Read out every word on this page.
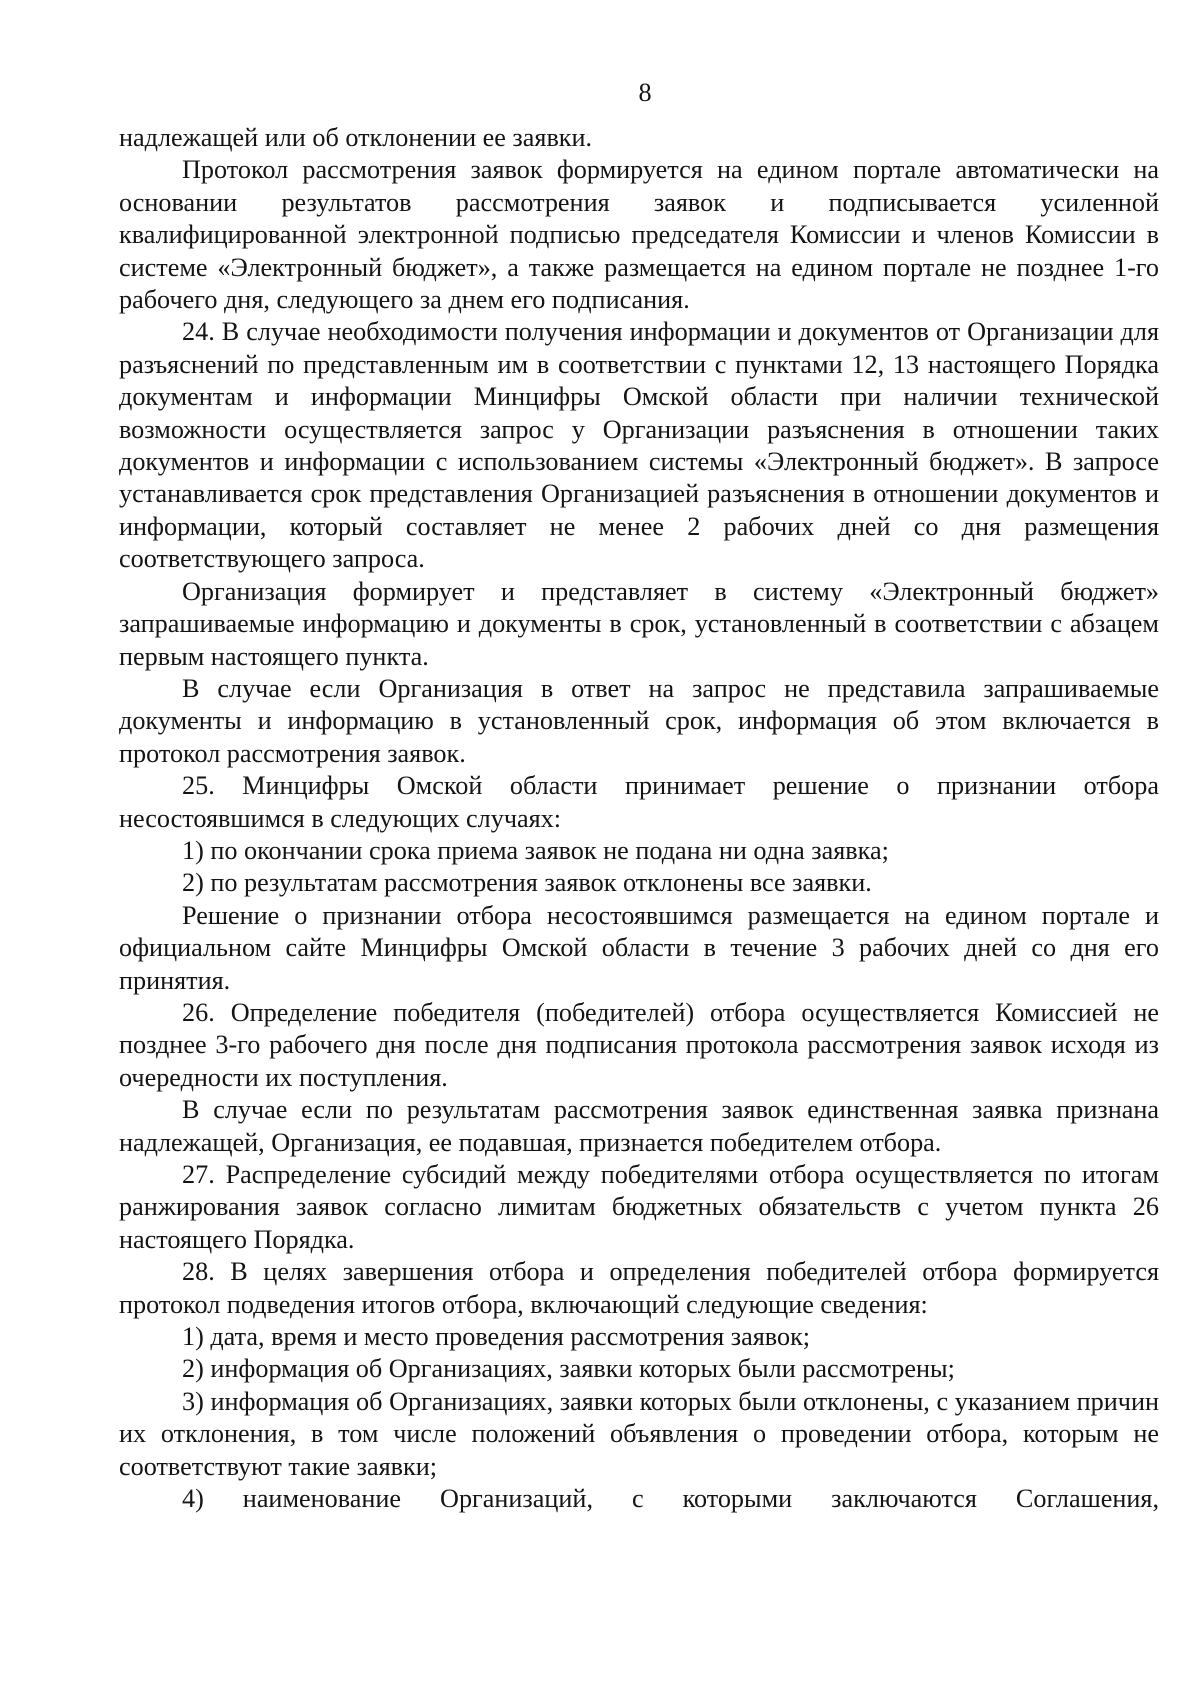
8

надлежащей или об отклонении ее заявки.

Протокол рассмотрения заявок формируется на едином портале автоматически на основании результатов рассмотрения заявок и подписывается усиленной квалифицированной электронной подписью председателя Комиссии и членов Комиссии в системе «Электронный бюджет», а также размещается на едином портале не позднее 1-го рабочего дня, следующего за днем его подписания.

24. В случае необходимости получения информации и документов от Организации для разъяснений по представленным им в соответствии с пунктами 12, 13 настоящего Порядка документам и информации Минцифры Омской области при наличии технической возможности осуществляется запрос у Организации разъяснения в отношении таких документов и информации с использованием системы «Электронный бюджет». В запросе устанавливается срок представления Организацией разъяснения в отношении документов и информации, который составляет не менее 2 рабочих дней со дня размещения соответствующего запроса.

Организация формирует и представляет в систему «Электронный бюджет» запрашиваемые информацию и документы в срок, установленный в соответствии с абзацем первым настоящего пункта.

В случае если Организация в ответ на запрос не представила запрашиваемые документы и информацию в установленный срок, информация об этом включается в протокол рассмотрения заявок.

25. Минцифры Омской области принимает решение о признании отбора несостоявшимся в следующих случаях:

1) по окончании срока приема заявок не подана ни одна заявка;

2) по результатам рассмотрения заявок отклонены все заявки.

Решение о признании отбора несостоявшимся размещается на едином портале и официальном сайте Минцифры Омской области в течение 3 рабочих дней со дня его принятия.

26. Определение победителя (победителей) отбора осуществляется Комиссией не позднее 3-го рабочего дня после дня подписания протокола рассмотрения заявок исходя из очередности их поступления.

В случае если по результатам рассмотрения заявок единственная заявка признана надлежащей, Организация, ее подавшая, признается победителем отбора.

27. Распределение субсидий между победителями отбора осуществляется по итогам ранжирования заявок согласно лимитам бюджетных обязательств с учетом пункта 26 настоящего Порядка.

28. В целях завершения отбора и определения победителей отбора формируется протокол подведения итогов отбора, включающий следующие сведения:

1) дата, время и место проведения рассмотрения заявок;

2) информация об Организациях, заявки которых были рассмотрены;

3) информация об Организациях, заявки которых были отклонены, с указанием причин их отклонения, в том числе положений объявления о проведении отбора, которым не соответствуют такие заявки;

4) наименование Организаций, с которыми заключаются Соглашения,
